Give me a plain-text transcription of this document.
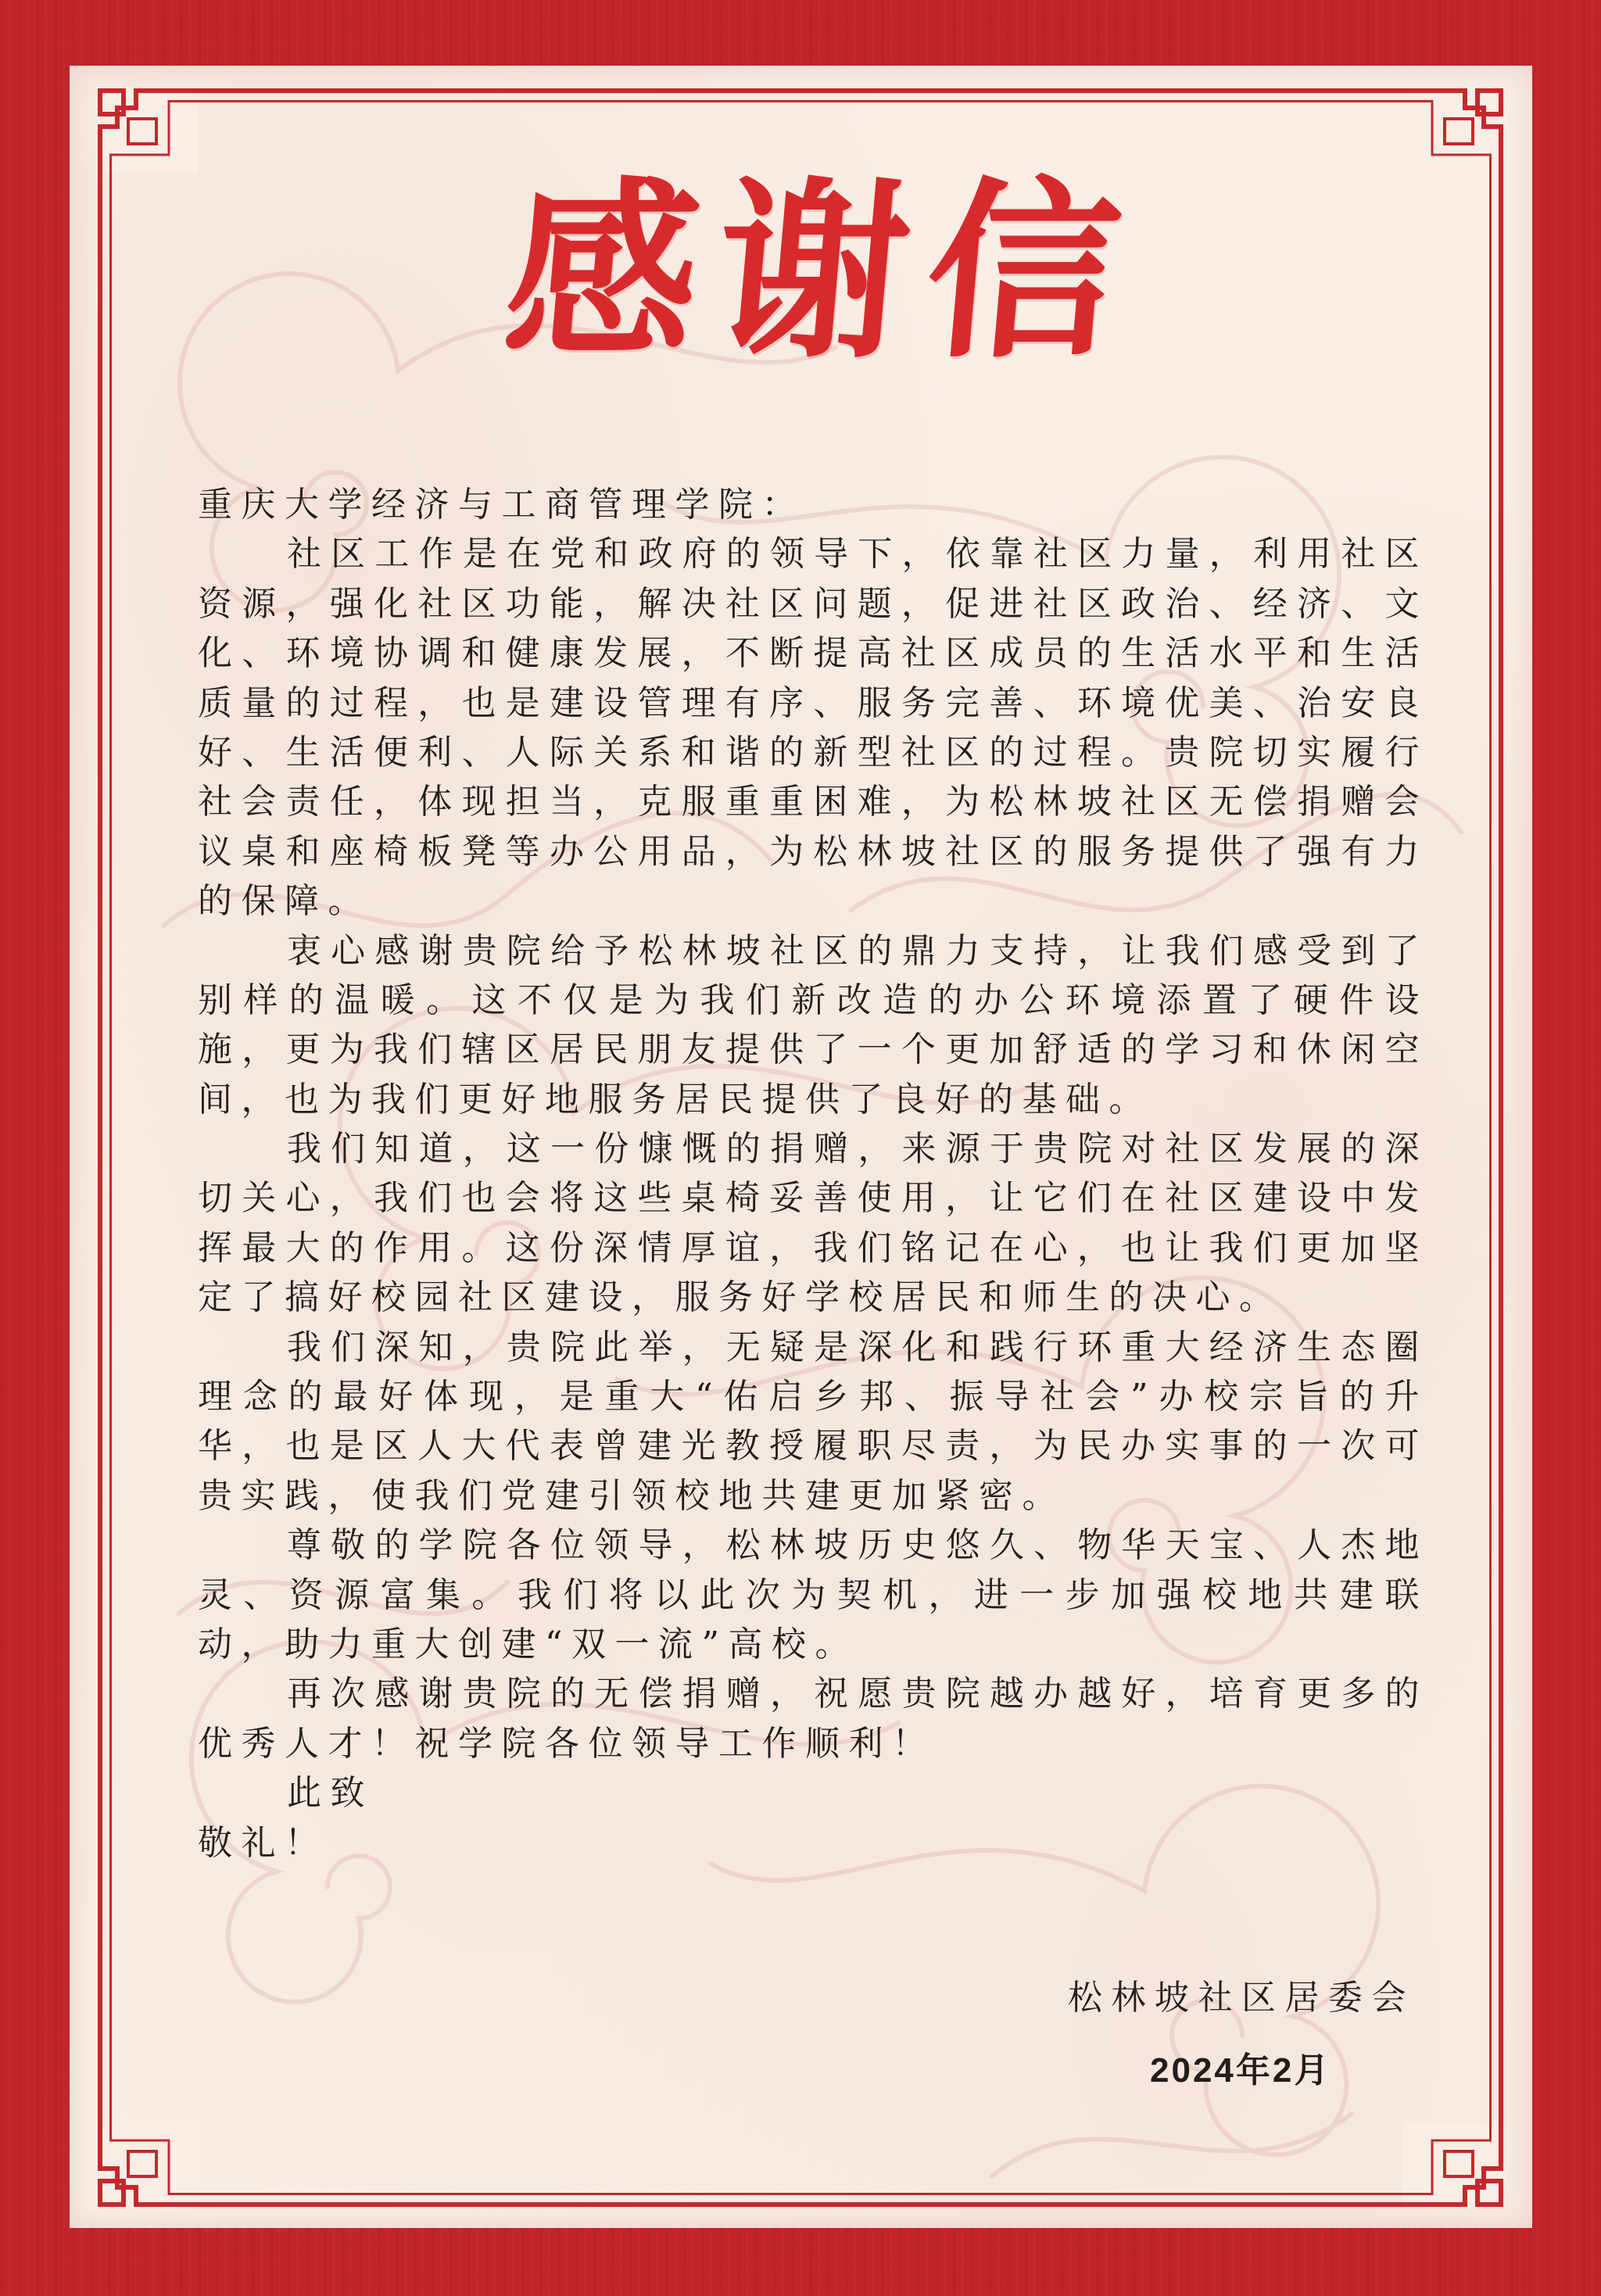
感谢信
重庆大学经济与工商管理学院：
社区工作是在党和政府的领导下，依靠社区力量，利用社区
资源，强化社区功能，解决社区问题，促进社区政治、经济、文
化、环境协调和健康发展，不断提高社区成员的生活水平和生活
质量的过程，也是建设管理有序、服务完善、环境优美、治安良
好、生活便利、人际关系和谐的新型社区的过程。贵院切实履行
社会责任，体现担当，克服重重困难，为松林坡社区无偿捐赠会
议桌和座椅板凳等办公用品，为松林坡社区的服务提供了强有力
的保障。
衷心感谢贵院给予松林坡社区的鼎力支持，让我们感受到了
别样的温暖。这不仅是为我们新改造的办公环境添置了硬件设
施，更为我们辖区居民朋友提供了一个更加舒适的学习和休闲空
间，也为我们更好地服务居民提供了良好的基础。
我们知道，这一份慷慨的捐赠，来源于贵院对社区发展的深
切关心，我们也会将这些桌椅妥善使用，让它们在社区建设中发
挥最大的作用。这份深情厚谊，我们铭记在心，也让我们更加坚
定了搞好校园社区建设，服务好学校居民和师生的决心。
我们深知，贵院此举，无疑是深化和践行环重大经济生态圈
理念的最好体现，是重大“佑启乡邦、振导社会”办校宗旨的升
华，也是区人大代表曾建光教授履职尽责，为民办实事的一次可
贵实践，使我们党建引领校地共建更加紧密。
尊敬的学院各位领导，松林坡历史悠久、物华天宝、人杰地
灵、资源富集。我们将以此次为契机，进一步加强校地共建联
动，助力重大创建“双一流”高校。
再次感谢贵院的无偿捐赠，祝愿贵院越办越好，培育更多的
优秀人才！祝学院各位领导工作顺利！
此致
敬礼！
松林坡社区居委会
2024年2月
